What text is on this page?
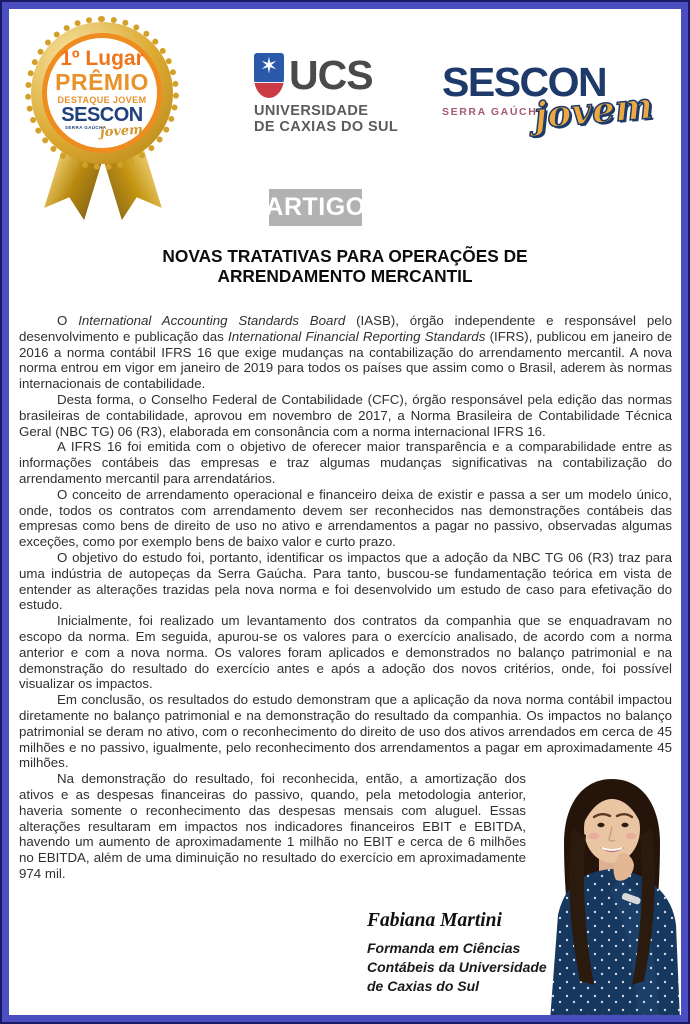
1º Lugar
PRÊMIO
DESTAQUE JOVEM
SESCON
SERRA GAÚCHA
jovem
✶ UCS
UNIVERSIDADE
DE CAXIAS DO SUL
SESCON
SERRA GAÚCHA
jovem
ARTIGO
NOVAS TRATATIVAS PARA OPERAÇÕES DE
ARRENDAMENTO MERCANTIL

O International Accounting Standards Board (IASB), órgão independente e responsável pelo desenvolvimento e publicação das International Financial Reporting Standards (IFRS), publicou em janeiro de 2016 a norma contábil IFRS 16 que exige mudanças na contabilização do arrendamento mercantil. A nova norma entrou em vigor em janeiro de 2019 para todos os países que assim como o Brasil, aderem às normas internacionais de contabilidade.

Desta forma, o Conselho Federal de Contabilidade (CFC), órgão responsável pela edição das normas brasileiras de contabilidade, aprovou em novembro de 2017, a Norma Brasileira de Contabilidade Técnica Geral (NBC TG) 06 (R3), elaborada em consonância com a norma internacional IFRS 16.

A IFRS 16 foi emitida com o objetivo de oferecer maior transparência e a comparabilidade entre as informações contábeis das empresas e traz algumas mudanças significativas na contabilização do arrendamento mercantil para arrendatários.

O conceito de arrendamento operacional e financeiro deixa de existir e passa a ser um modelo único, onde, todos os contratos com arrendamento devem ser reconhecidos nas demonstrações contábeis das empresas como bens de direito de uso no ativo e arrendamentos a pagar no passivo, observadas algumas exceções, como por exemplo bens de baixo valor e curto prazo.

O objetivo do estudo foi, portanto, identificar os impactos que a adoção da NBC TG 06 (R3) traz para uma indústria de autopeças da Serra Gaúcha. Para tanto, buscou-se fundamentação teórica em vista de entender as alterações trazidas pela nova norma e foi desenvolvido um estudo de caso para efetivação do estudo.

Inicialmente, foi realizado um levantamento dos contratos da companhia que se enquadravam no escopo da norma. Em seguida, apurou-se os valores para o exercício analisado, de acordo com a norma anterior e com a nova norma. Os valores foram aplicados e demonstrados no balanço patrimonial e na demonstração do resultado do exercício antes e após a adoção dos novos critérios, onde, foi possível visualizar os impactos.

Em conclusão, os resultados do estudo demonstram que a aplicação da nova norma contábil impactou diretamente no balanço patrimonial e na demonstração do resultado da companhia. Os impactos no balanço patrimonial se deram no ativo, com o reconhecimento do direito de uso dos ativos arrendados em cerca de 45 milhões e no passivo, igualmente, pelo reconhecimento dos arrendamentos a pagar em aproximadamente 45 milhões.

Na demonstração do resultado, foi reconhecida, então, a amortização dos ativos e as despesas financeiras do passivo, quando, pela metodologia anterior, haveria somente o reconhecimento das despesas mensais com aluguel. Essas alterações resultaram em impactos nos indicadores financeiros EBIT e EBITDA, havendo um aumento de aproximadamente 1 milhão no EBIT e cerca de 6 milhões no EBITDA, além de uma diminuição no resultado do exercício em aproximadamente 974 mil.

Fabiana Martini
Formanda em Ciências
Contábeis da Universidade
de Caxias do Sul
